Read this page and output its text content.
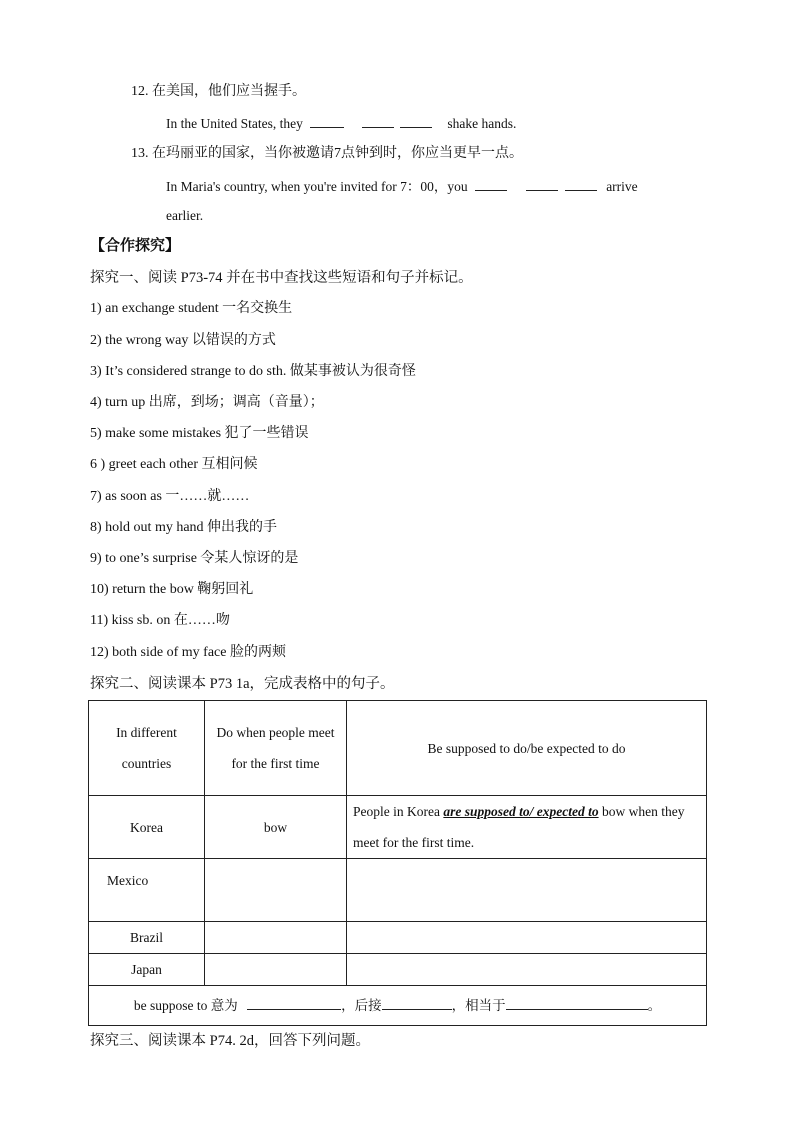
12. 在美国，他们应当握手。
In the United States, they	shake hands.
13. 在玛丽亚的国家，当你被邀请7点钟到时，你应当更早一点。
In Maria's country, when you're invited for 7：00，you	arrive
earlier.
【合作探究】
探究一、阅读 P73-74 并在书中查找这些短语和句子并标记。
1) an exchange student 一名交换生
2) the wrong way 以错误的方式
3) It’s considered strange to do sth. 做某事被认为很奇怪
4) turn up 出席，到场；调高（音量）；
5) make some mistakes 犯了一些错误
6 ) greet each other 互相问候
7) as soon as 一……就……
8) hold out my hand 伸出我的手
9) to one’s surprise 令某人惊讶的是
10) return the bow 鞠躬回礼
11) kiss sb. on 在……吻
12) both side of my face 脸的两颊
探究二、阅读课本 P73 1a，完成表格中的句子。
In different countries	Do when people meet for the first time	Be supposed to do/be expected to do
Korea	bow	People in Korea are supposed to/ expected to bow when they meet for the first time.
Mexico		
Brazil		
Japan		
be suppose to 意为 ，后接 ，相当于 。		
探究三、阅读课本 P74. 2d，回答下列问题。
